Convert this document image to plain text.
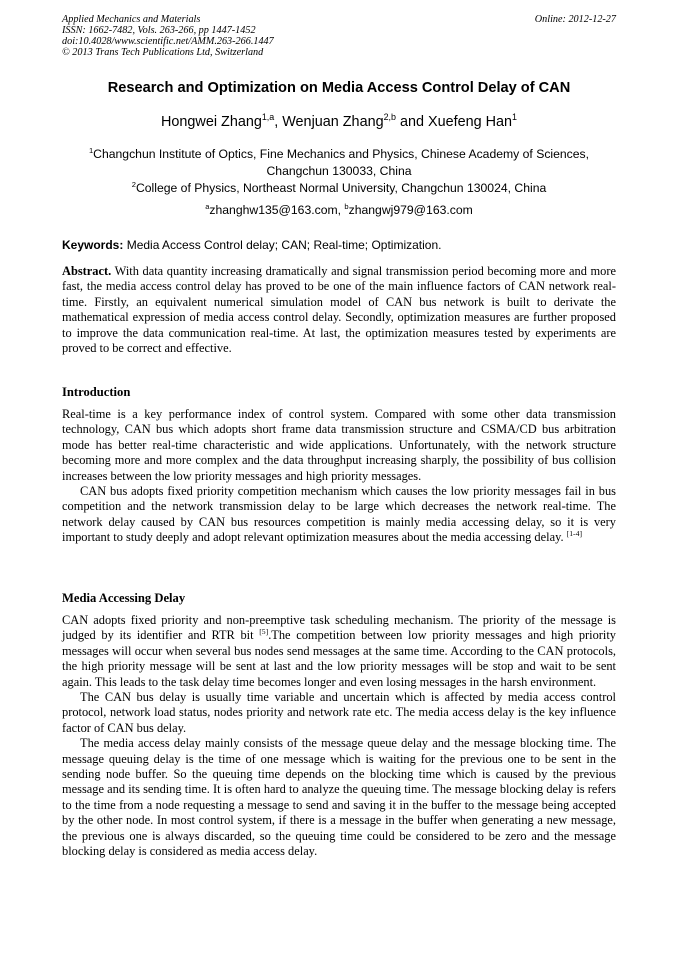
Applied Mechanics and Materials
ISSN: 1662-7482, Vols. 263-266, pp 1447-1452
doi:10.4028/www.scientific.net/AMM.263-266.1447
© 2013 Trans Tech Publications Ltd, Switzerland
Online: 2012-12-27
Research and Optimization on Media Access Control Delay of CAN
Hongwei Zhang$^{1,a}$, Wenjuan Zhang$^{2,b}$ and Xuefeng Han$^1$
$^1$Changchun Institute of Optics, Fine Mechanics and Physics, Chinese Academy of Sciences, Changchun 130033, China
$^2$College of Physics, Northeast Normal University, Changchun 130024, China
$^a$zhanghw135@163.com, $^b$zhangwj979@163.com
Keywords: Media Access Control delay; CAN; Real-time; Optimization.

Abstract. With data quantity increasing dramatically and signal transmission period becoming more and more fast, the media access control delay has proved to be one of the main influence factors of CAN network real-time. Firstly, an equivalent numerical simulation model of CAN bus network is built to derivate the mathematical expression of media access control delay. Secondly, optimization measures are further proposed to improve the data communication real-time. At last, the optimization measures tested by experiments are proved to be correct and effective.

Introduction

Real-time is a key performance index of control system. Compared with some other data transmission technology, CAN bus which adopts short frame data transmission structure and CSMA/CD bus arbitration mode has better real-time characteristic and wide applications. Unfortunately, with the network structure becoming more and more complex and the data throughput increasing sharply, the possibility of bus collision increases between the low priority messages and high priority messages.

CAN bus adopts fixed priority competition mechanism which causes the low priority messages fail in bus competition and the network transmission delay to be large which decreases the network real-time. The network delay caused by CAN bus resources competition is mainly media accessing delay, so it is very important to study deeply and adopt relevant optimization measures about the media accessing delay. [1-4]

Media Accessing Delay

CAN adopts fixed priority and non-preemptive task scheduling mechanism. The priority of the message is judged by its identifier and RTR bit [5].The competition between low priority messages and high priority messages will occur when several bus nodes send messages at the same time. According to the CAN protocols, the high priority message will be sent at last and the low priority messages will be stop and wait to be sent again. This leads to the task delay time becomes longer and even losing messages in the harsh environment.

The CAN bus delay is usually time variable and uncertain which is affected by media access control protocol, network load status, nodes priority and network rate etc. The media access delay is the key influence factor of CAN bus delay.

The media access delay mainly consists of the message queue delay and the message blocking time. The message queuing delay is the time of one message which is waiting for the previous one to be sent in the sending node buffer. So the queuing time depends on the blocking time which is caused by the previous message and its sending time. It is often hard to analyze the queuing time. The message blocking delay is refers to the time from a node requesting a message to send and saving it in the buffer to the message being accepted by the other node. In most control system, if there is a message in the buffer when generating a new message, the previous one is always discarded, so the queuing time could be considered to be zero and the message blocking delay is considered as media access delay.
